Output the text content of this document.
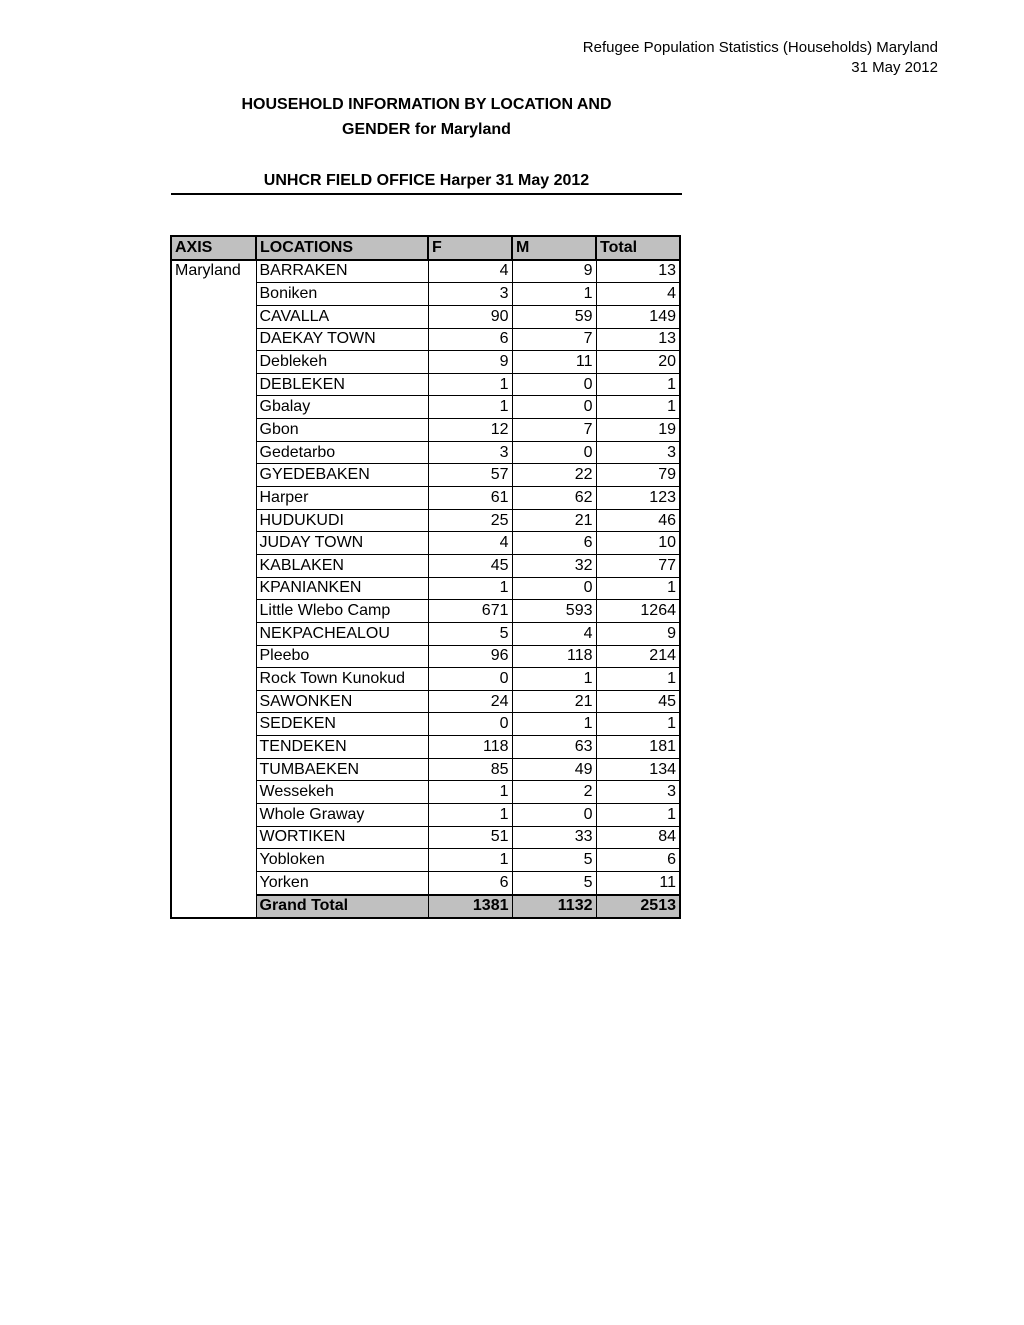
Refugee Population Statistics (Households) Maryland
31 May 2012
HOUSEHOLD INFORMATION BY LOCATION AND
GENDER for Maryland
UNHCR FIELD OFFICE Harper 31 May 2012
AXIS	LOCATIONS	F	M	Total
Maryland	BARRAKEN	4	9	13
	Boniken	3	1	4
	CAVALLA	90	59	149
	DAEKAY TOWN	6	7	13
	Deblekeh	9	11	20
	DEBLEKEN	1	0	1
	Gbalay	1	0	1
	Gbon	12	7	19
	Gedetarbo	3	0	3
	GYEDEBAKEN	57	22	79
	Harper	61	62	123
	HUDUKUDI	25	21	46
	JUDAY TOWN	4	6	10
	KABLAKEN	45	32	77
	KPANIANKEN	1	0	1
	Little Wlebo Camp	671	593	1264
	NEKPACHEALOU	5	4	9
	Pleebo	96	118	214
	Rock Town Kunokud	0	1	1
	SAWONKEN	24	21	45
	SEDEKEN	0	1	1
	TENDEKEN	118	63	181
	TUMBAEKEN	85	49	134
	Wessekeh	1	2	3
	Whole Graway	1	0	1
	WORTIKEN	51	33	84
	Yobloken	1	5	6
	Yorken	6	5	11
	Grand Total	1381	1132	2513
